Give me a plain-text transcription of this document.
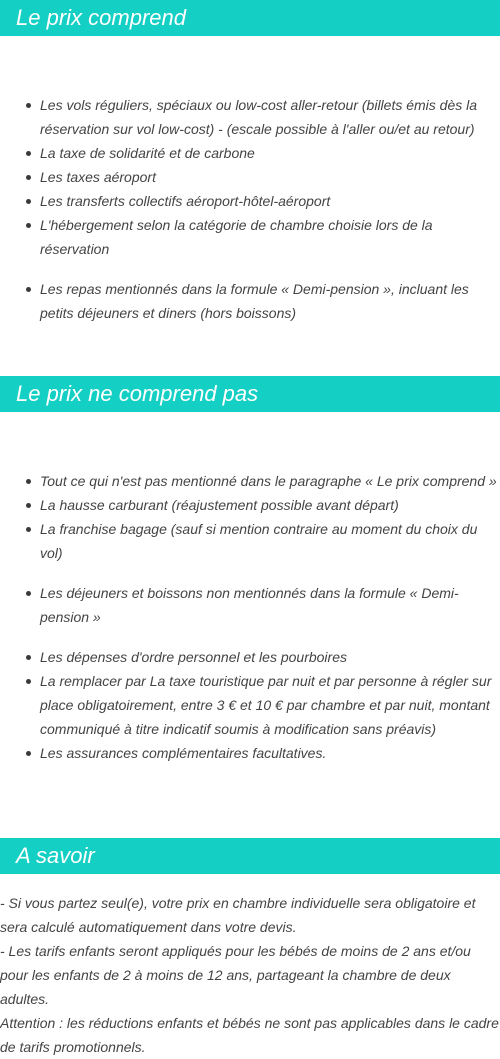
Le prix comprend
Les vols réguliers, spéciaux ou low-cost aller-retour (billets émis dès la réservation sur vol low-cost) - (escale possible à l'aller ou/et au retour)
La taxe de solidarité et de carbone
Les taxes aéroport
Les transferts collectifs aéroport-hôtel-aéroport
L'hébergement selon la catégorie de chambre choisie lors de la réservation
Les repas mentionnés dans la formule « Demi-pension », incluant les petits déjeuners et diners (hors boissons)
Le prix ne comprend pas
Tout ce qui n'est pas mentionné dans le paragraphe « Le prix comprend »
La hausse carburant (réajustement possible avant départ)
La franchise bagage (sauf si mention contraire au moment du choix du vol)
Les déjeuners et boissons non mentionnés dans la formule « Demi-pension »
Les dépenses d'ordre personnel et les pourboires
La remplacer par La taxe touristique par nuit et par personne à régler sur place obligatoirement, entre 3 € et 10 € par chambre et par nuit, montant communiqué à titre indicatif soumis à modification sans préavis)
Les assurances complémentaires facultatives.
A savoir
- Si vous partez seul(e), votre prix en chambre individuelle sera obligatoire et sera calculé automatiquement dans votre devis.
- Les tarifs enfants seront appliqués pour les bébés de moins de 2 ans et/ou pour les enfants de 2 à moins de 12 ans, partageant la chambre de deux adultes.
Attention : les réductions enfants et bébés ne sont pas applicables dans le cadre de tarifs promotionnels.
